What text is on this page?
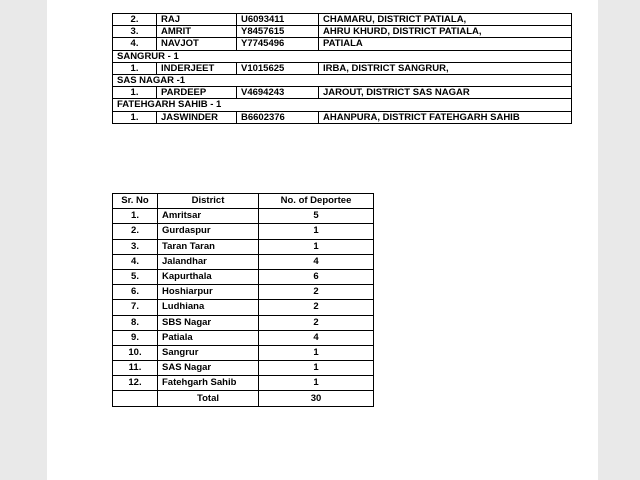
2.	RAJ	U6093411	CHAMARU, DISTRICT PATIALA,
3.	AMRIT	Y8457615	AHRU KHURD, DISTRICT PATIALA,
4.	NAVJOT	Y7745496	PATIALA
SANGRUR - 1			
1.	INDERJEET	V1015625	IRBA, DISTRICT SANGRUR,
SAS NAGAR -1			
1.	PARDEEP	V4694243	JAROUT, DISTRICT SAS NAGAR
FATEHGARH SAHIB - 1			
1.	JASWINDER	B6602376	AHANPURA, DISTRICT FATEHGARH SAHIB
Sr. No	District	No. of Deportee
1.	Amritsar	5
2.	Gurdaspur	1
3.	Taran Taran	1
4.	Jalandhar	4
5.	Kapurthala	6
6.	Hoshiarpur	2
7.	Ludhiana	2
8.	SBS Nagar	2
9.	Patiala	4
10.	Sangrur	1
11.	SAS Nagar	1
12.	Fatehgarh Sahib	1
	Total	30
